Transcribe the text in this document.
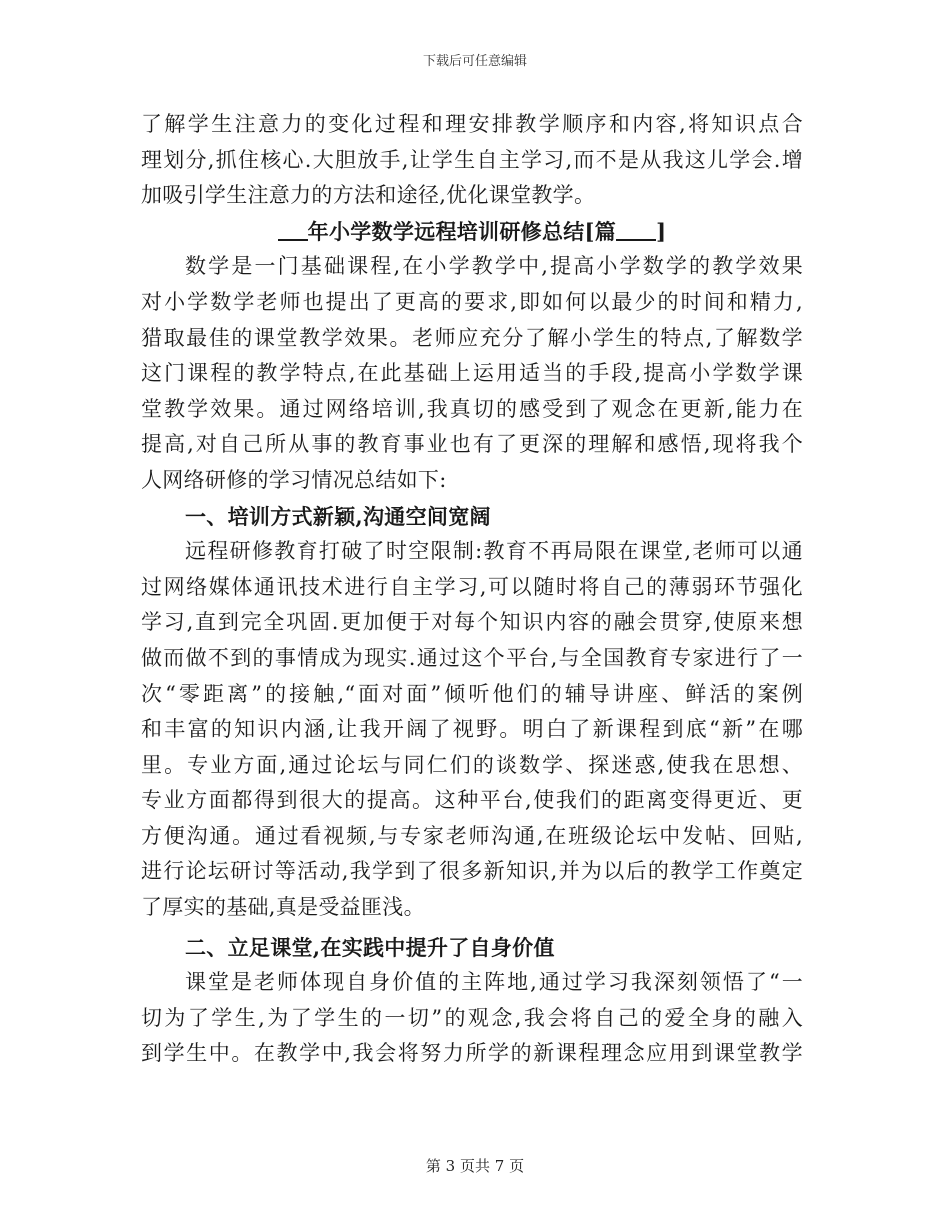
下载后可任意编辑
了解学生注意力的变化过程和理安排教学顺序和内容,将知识点合
理划分,抓住核心.大胆放手,让学生自主学习,而不是从我这儿学会.增
加吸引学生注意力的方法和途径,优化课堂教学。
年小学数学远程培训研修总结[篇 ]
数学是一门基础课程,在小学教学中,提高小学数学的教学效果
对小学数学老师也提出了更高的要求,即如何以最少的时间和精力,
猎取最佳的课堂教学效果。老师应充分了解小学生的特点,了解数学
这门课程的教学特点,在此基础上运用适当的手段,提高小学数学课
堂教学效果。通过网络培训,我真切的感受到了观念在更新,能力在
提高,对自己所从事的教育事业也有了更深的理解和感悟,现将我个
人网络研修的学习情况总结如下:
一、培训方式新颖,沟通空间宽阔
远程研修教育打破了时空限制:教育不再局限在课堂,老师可以通
过网络媒体通讯技术进行自主学习,可以随时将自己的薄弱环节强化
学习,直到完全巩固.更加便于对每个知识内容的融会贯穿,使原来想
做而做不到的事情成为现实.通过这个平台,与全国教育专家进行了一
次“零距离”的接触,“面对面”倾听他们的辅导讲座、鲜活的案例
和丰富的知识内涵,让我开阔了视野。明白了新课程到底“新”在哪
里。专业方面,通过论坛与同仁们的谈数学、探迷惑,使我在思想、
专业方面都得到很大的提高。这种平台,使我们的距离变得更近、更
方便沟通。通过看视频,与专家老师沟通,在班级论坛中发帖、回贴,
进行论坛研讨等活动,我学到了很多新知识,并为以后的教学工作奠定
了厚实的基础,真是受益匪浅。
二、立足课堂,在实践中提升了自身价值
课堂是老师体现自身价值的主阵地,通过学习我深刻领悟了“一
切为了学生,为了学生的一切”的观念,我会将自己的爱全身的融入
到学生中。在教学中,我会将努力所学的新课程理念应用到课堂教学
第 3 页共 7 页
